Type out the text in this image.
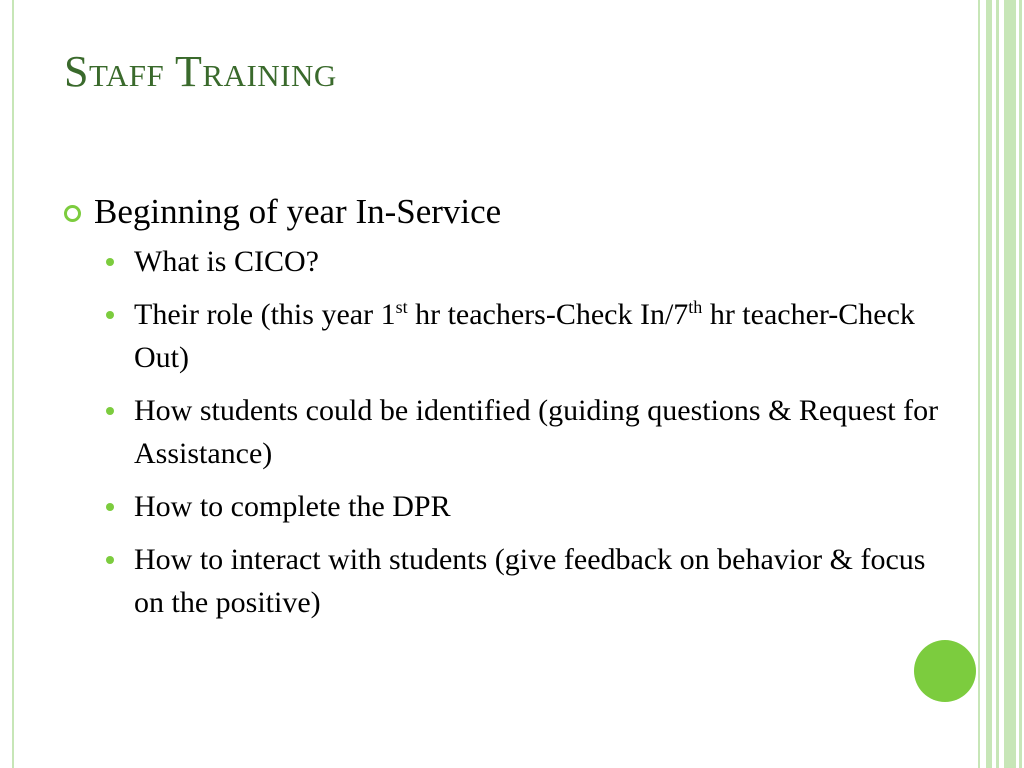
Staff Training
Beginning of year In-Service
What is CICO?
Their role (this year 1st hr teachers-Check In/7th hr teacher-Check Out)
How students could be identified (guiding questions & Request for Assistance)
How to complete the DPR
How to interact with students (give feedback on behavior & focus on the positive)
